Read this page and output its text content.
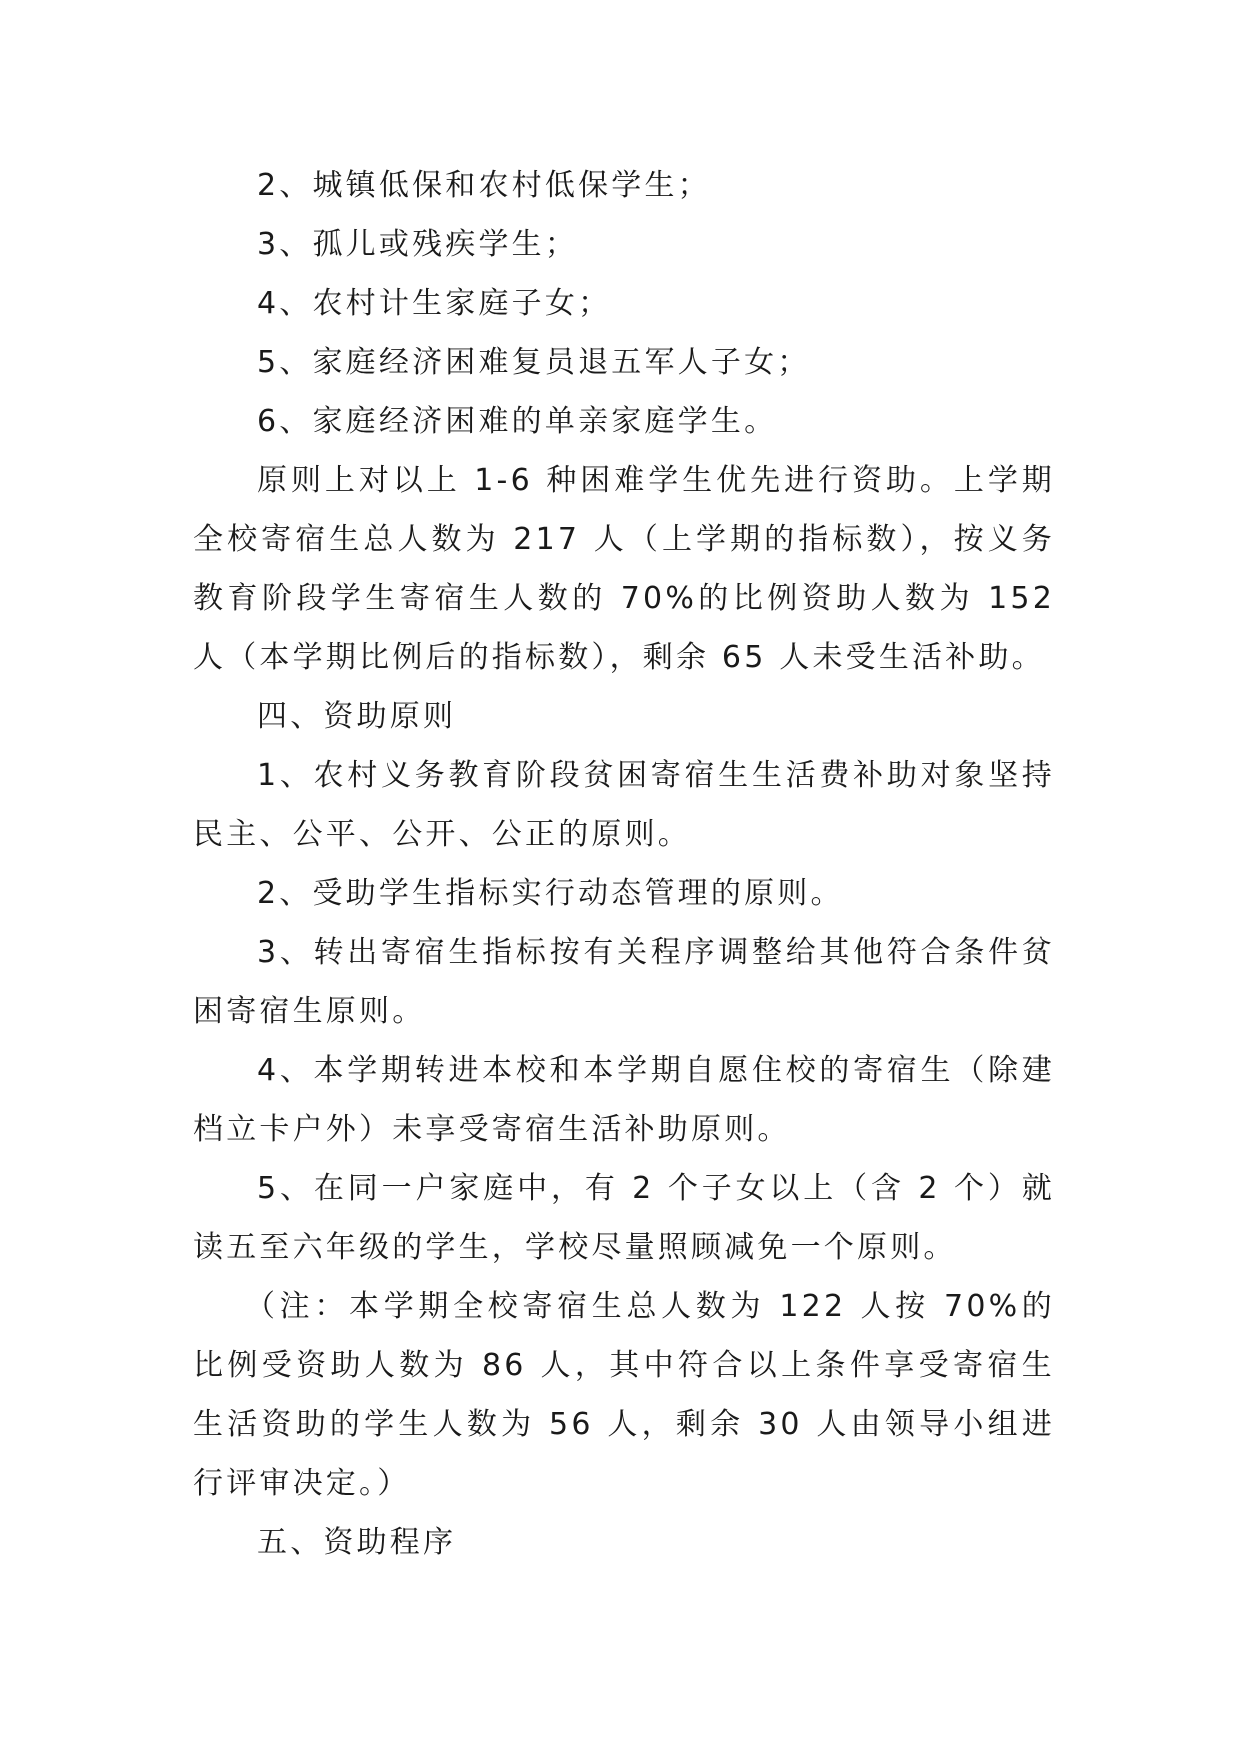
2、城镇低保和农村低保学生；

3、孤儿或残疾学生；

4、农村计生家庭子女；

5、家庭经济困难复员退五军人子女；

6、家庭经济困难的单亲家庭学生。

原则上对以上 1-6 种困难学生优先进行资助。上学期全校寄宿生总人数为 217 人（上学期的指标数），按义务教育阶段学生寄宿生人数的 70%的比例资助人数为 152 人（本学期比例后的指标数），剩余 65 人未受生活补助。

四、资助原则

1、农村义务教育阶段贫困寄宿生生活费补助对象坚持民主、公平、公开、公正的原则。

2、受助学生指标实行动态管理的原则。

3、转出寄宿生指标按有关程序调整给其他符合条件贫困寄宿生原则。

4、本学期转进本校和本学期自愿住校的寄宿生（除建档立卡户外）未享受寄宿生活补助原则。

5、在同一户家庭中，有 2 个子女以上（含 2 个）就读五至六年级的学生，学校尽量照顾减免一个原则。

（注：本学期全校寄宿生总人数为 122 人按 70%的比例受资助人数为 86 人，其中符合以上条件享受寄宿生生活资助的学生人数为 56 人，剩余 30 人由领导小组进行评审决定。）

五、资助程序
